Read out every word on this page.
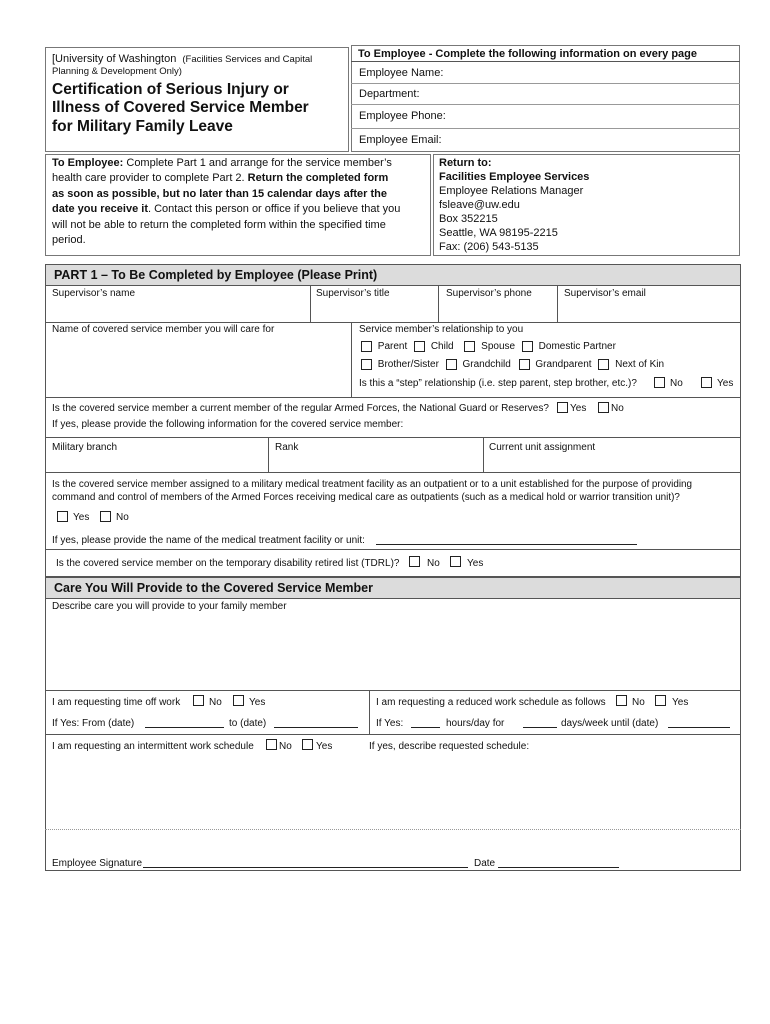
[University of Washington (Facilities Services and Capital
Planning & Development Only)
Certification of Serious Injury or
Illness of Covered Service Member
for Military Family Leave
To Employee - Complete the following information on every page
Employee Name:
Department:
Employee Phone:
Employee Email:
To Employee: Complete Part 1 and arrange for the service member’s
health care provider to complete Part 2. Return the completed form
as soon as possible, but no later than 15 calendar days after the
date you receive it. Contact this person or office if you believe that you
will not be able to return the completed form within the specified time
period.
Return to:
Facilities Employee Services
Employee Relations Manager
fsleave@uw.edu
Box 352215
Seattle, WA 98195-2215
Fax: (206) 543-5135
PART 1 – To Be Completed by Employee (Please Print)
Supervisor’s name	Supervisor’s title	Supervisor’s phone	Supervisor’s email
Name of covered service member you will care for	Service member’s relationship to you
Parent Child	Spouse Domestic Partner
Brother/Sister Grandchild Grandparent Next of Kin
Is this a “step” relationship (i.e. step parent, step brother, etc.)?	No	Yes
Is the covered service member a current member of the regular Armed Forces, the National Guard or Reserves? Yes No
If yes, please provide the following information for the covered service member:
Military branch	Rank	Current unit assignment
Is the covered service member assigned to a military medical treatment facility as an outpatient or to a unit established for the purpose of providing
command and control of members of the Armed Forces receiving medical care as outpatients (such as a medical hold or warrior transition unit)?
Yes	No
If yes, please provide the name of the medical treatment facility or unit:
Is the covered service member on the temporary disability retired list (TDRL)?	No	Yes
Care You Will Provide to the Covered Service Member
Describe care you will provide to your family member
I am requesting time off work	No	Yes
If Yes: From (date)	to (date)
I am requesting a reduced work schedule as follows	No	Yes
If Yes:	hours/day for	days/week until (date)
I am requesting an intermittent work schedule	No Yes	If yes, describe requested schedule:
Employee Signature	Date
